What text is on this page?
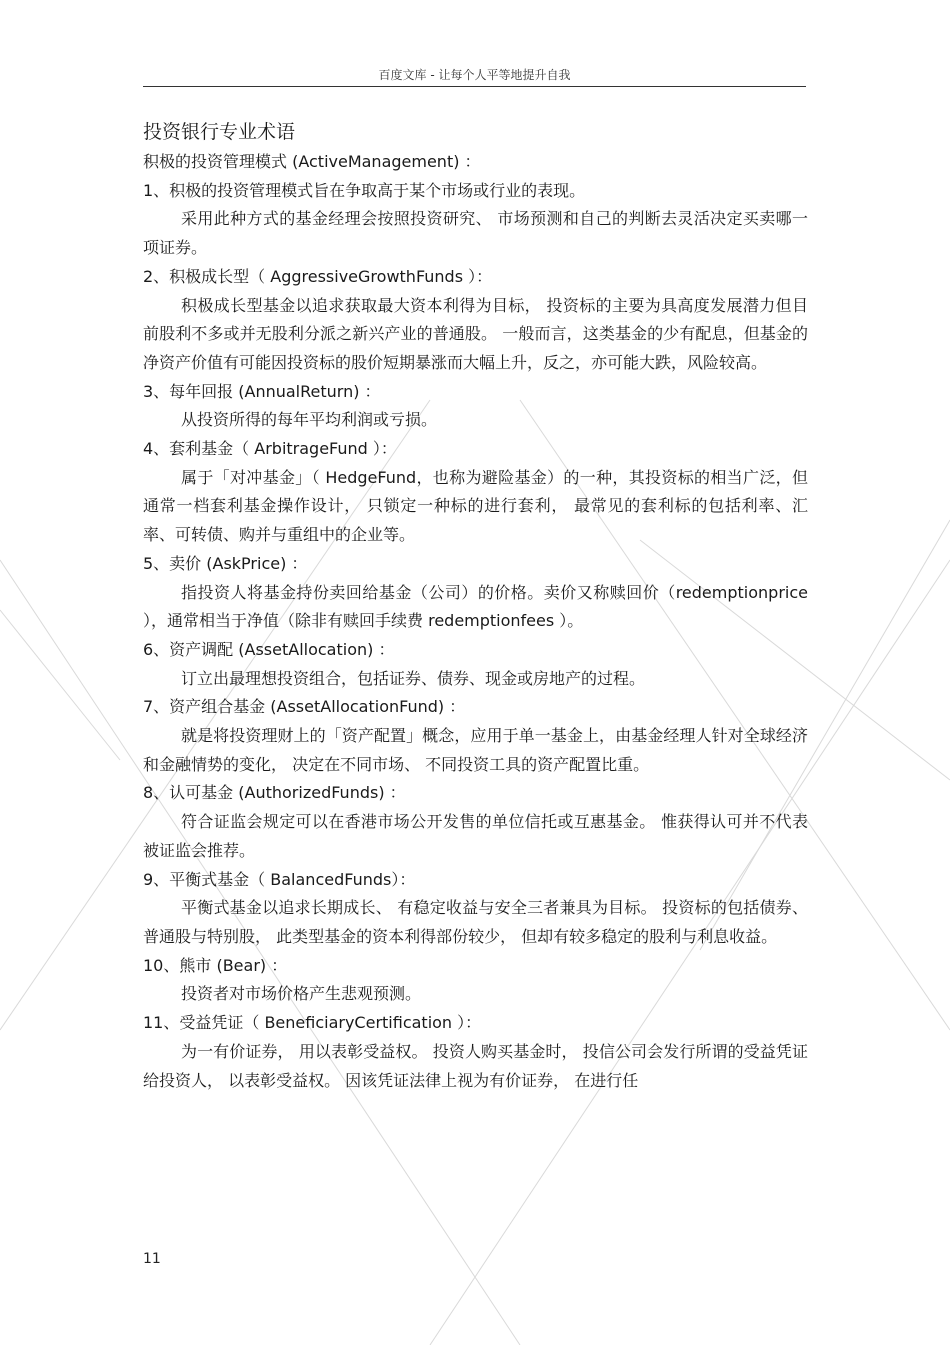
百度文库 - 让每个人平等地提升自我
投资银行专业术语
积极的投资管理模式 (ActiveManagement) ：
1、积极的投资管理模式旨在争取高于某个市场或行业的表现。

采用此种方式的基金经理会按照投资研究、 市场预测和自己的判断去灵活决定买卖哪一项证券。

2、积极成长型（ AggressiveGrowthFunds ）：

积极成长型基金以追求获取最大资本利得为目标， 投资标的主要为具高度发展潜力但目前股利不多或并无股利分派之新兴产业的普通股。 一般而言，这类基金的少有配息，但基金的净资产价值有可能因投资标的股价短期暴涨而大幅上升，反之，亦可能大跌，风险较高。

3、每年回报 (AnnualReturn) ：

从投资所得的每年平均利润或亏损。

4、套利基金（ ArbitrageFund ）：

属于「对冲基金」（ HedgeFund，也称为避险基金）的一种，其投资标的相当广泛，但通常一档套利基金操作设计， 只锁定一种标的进行套利， 最常见的套利标的包括利率、汇率、可转债、购并与重组中的企业等。

5、卖价 (AskPrice) ：

指投资人将基金持份卖回给基金（公司）的价格。卖价又称赎回价（redemptionprice ），通常相当于净值（除非有赎回手续费 redemptionfees ）。

6、资产调配 (AssetAllocation) ：

订立出最理想投资组合，包括证券、债券、现金或房地产的过程。

7、资产组合基金 (AssetAllocationFund) ：

就是将投资理财上的「资产配置」概念，应用于单一基金上，由基金经理人针对全球经济和金融情势的变化， 决定在不同市场、 不同投资工具的资产配置比重。

8、认可基金 (AuthorizedFunds) ：

符合证监会规定可以在香港市场公开发售的单位信托或互惠基金。 惟获得认可并不代表被证监会推荐。

9、平衡式基金（ BalancedFunds）：

平衡式基金以追求长期成长、 有稳定收益与安全三者兼具为目标。 投资标的包括债券、普通股与特别股， 此类型基金的资本利得部份较少， 但却有较多稳定的股利与利息收益。

10、熊市 (Bear) ：

投资者对市场价格产生悲观预测。

11、受益凭证（ BeneficiaryCertification ）：

为一有价证券， 用以表彰受益权。 投资人购买基金时， 投信公司会发行所谓的受益凭证给投资人， 以表彰受益权。 因该凭证法律上视为有价证券， 在进行任

11
